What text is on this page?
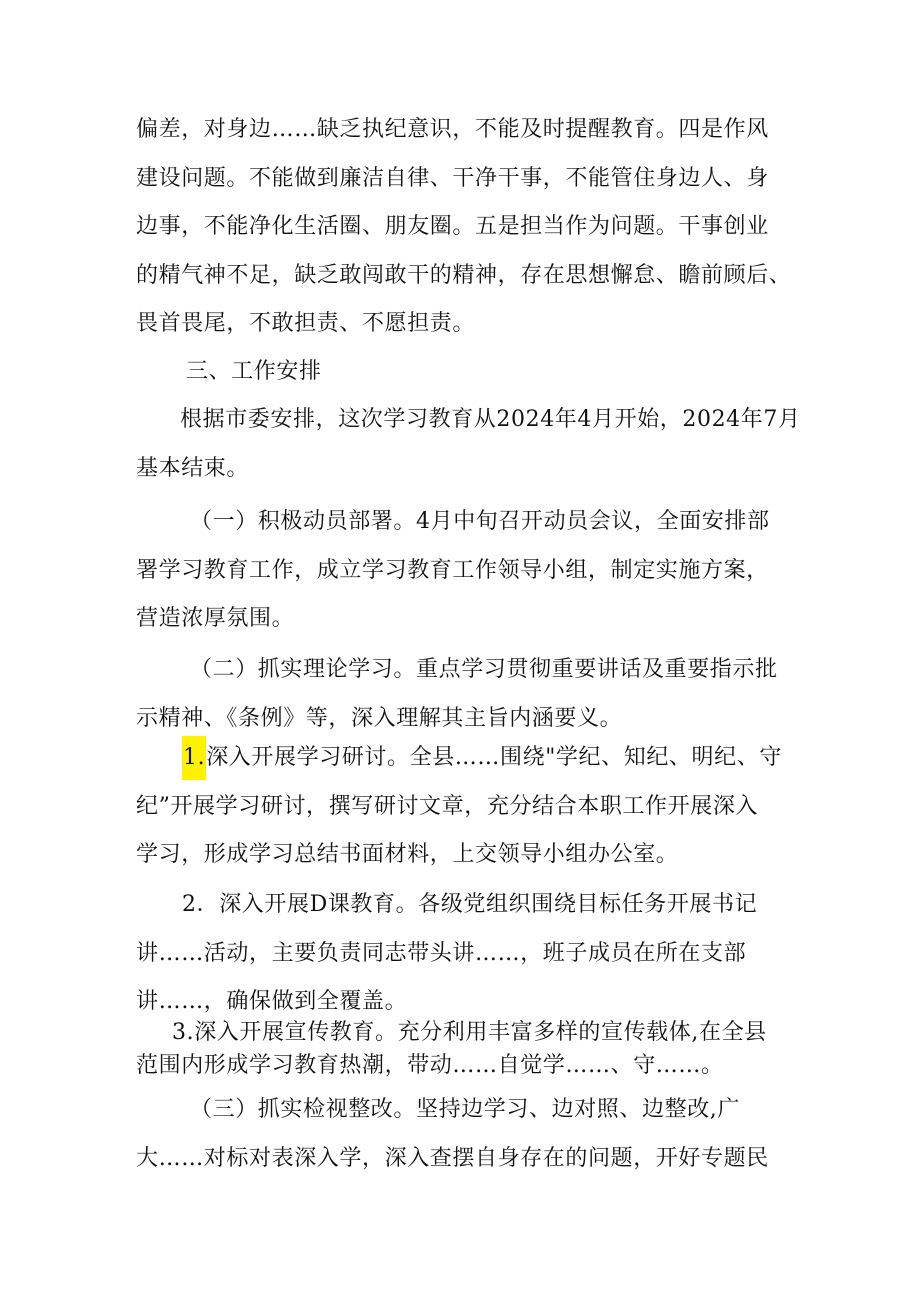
偏差，对身边……缺乏执纪意识，不能及时提醒教育。四是作风
建设问题。不能做到廉洁自律、干净干事，不能管住身边人、身
边事，不能净化生活圈、朋友圈。五是担当作为问题。干事创业
的精气神不足，缺乏敢闯敢干的精神，存在思想懈怠、瞻前顾后、
畏首畏尾，不敢担责、不愿担责。

三、工作安排

根据市委安排，这次学习教育从2024年4月开始，2024年7月
基本结束。

（一）积极动员部署。4月中旬召开动员会议，全面安排部
署学习教育工作，成立学习教育工作领导小组，制定实施方案，
营造浓厚氛围。

（二）抓实理论学习。重点学习贯彻重要讲话及重要指示批
示精神、《条例》等，深入理解其主旨内涵要义。

1.深入开展学习研讨。全县……围绕"学纪、知纪、明纪、守
纪”开展学习研讨，撰写研讨文章，充分结合本职工作开展深入
学习，形成学习总结书面材料，上交领导小组办公室。

2．深入开展D课教育。各级党组织围绕目标任务开展书记
讲……活动，主要负责同志带头讲……，班子成员在所在支部
讲……，确保做到全覆盖。

3.深入开展宣传教育。充分利用丰富多样的宣传载体,在全县
范围内形成学习教育热潮，带动……自觉学……、守……。

（三）抓实检视整改。坚持边学习、边对照、边整改,广
大……对标对表深入学，深入查摆自身存在的问题，开好专题民
